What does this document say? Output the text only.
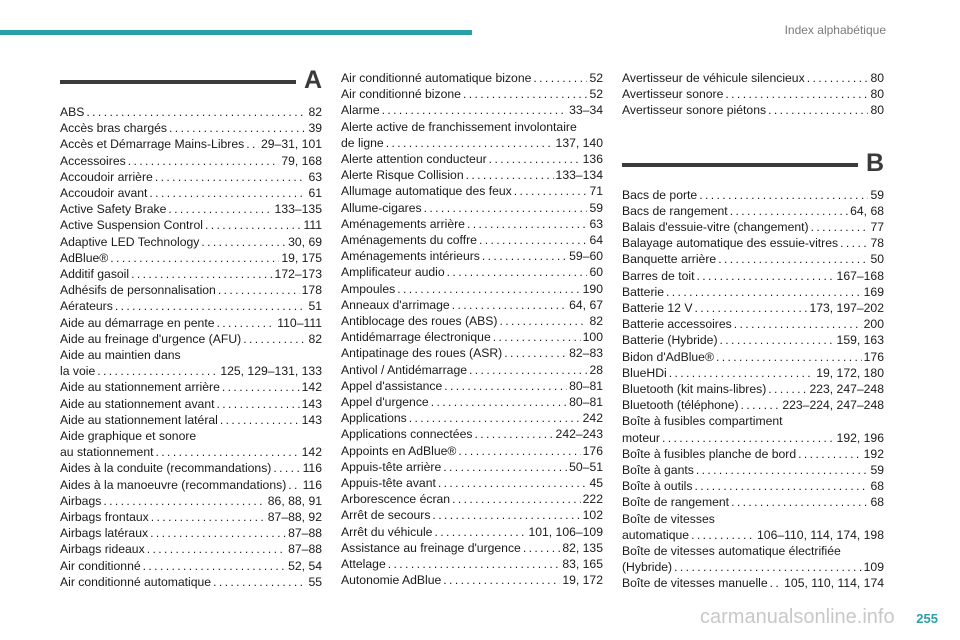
Index alphabétique
A
ABS . . .	82
Accès bras chargés . . .	39
Accès et Démarrage Mains-Libres . . . 29–31, 101
Accessoires . . .	79, 168
Accoudoir arrière . . .	63
Accoudoir avant . . .	61
Active Safety Brake . . .	133–135
Active Suspension Control . . .	111
Adaptive LED Technology . . .	30, 69
AdBlue® . . .	19, 175
Additif gasoil . . .	172–173
Adhésifs de personnalisation . . .	178
Aérateurs . . .	51
Aide au démarrage en pente . . .	110–111
Aide au freinage d'urgence (AFU) . . .	82
Aide au maintien dans
la voie . . .	125, 129–131, 133
Aide au stationnement arrière . . .	142
Aide au stationnement avant . . .	143
Aide au stationnement latéral . . .	143
Aide graphique et sonore
au stationnement . . .	142
Aides à la conduite (recommandations) . . .	116
Aides à la manoeuvre (recommandations) . . . 116
Airbags . . .	86, 88, 91
Airbags frontaux . . .	87–88, 92
Airbags latéraux . . .	87–88
Airbags rideaux . . .	87–88
Air conditionné . . .	52, 54
Air conditionné automatique . . .	55
Air conditionné automatique bizone . . .	52
Air conditionné bizone . . .	52
Alarme . . .	33–34
Alerte active de franchissement involontaire
de ligne . . .	137, 140
Alerte attention conducteur . . .	136
Alerte Risque Collision . . .	133–134
Allumage automatique des feux . . .	71
Allume-cigares . . .	59
Aménagements arrière . . .	63
Aménagements du coffre . . .	64
Aménagements intérieurs . . .	59–60
Amplificateur audio . . .	60
Ampoules . . .	190
Anneaux d'arrimage . . .	64, 67
Antiblocage des roues (ABS) . . .	82
Antidémarrage électronique . . .	100
Antipatinage des roues (ASR) . . .	82–83
Antivol / Antidémarrage . . .	28
Appel d'assistance . . .	80–81
Appel d'urgence . . .	80–81
Applications . . .	242
Applications connectées . . .	242–243
Appoints en AdBlue® . . .	176
Appuis-tête arrière . . .	50–51
Appuis-tête avant . . .	45
Arborescence écran . . .	222
Arrêt de secours . . .	102
Arrêt du véhicule . . .	101, 106–109
Assistance au freinage d'urgence . . .	82, 135
Attelage . . .	83, 165
Autonomie AdBlue . . .	19, 172
Avertisseur de véhicule silencieux . . .	80
Avertisseur sonore . . .	80
Avertisseur sonore piétons . . .	80
B
Bacs de porte . . .	59
Bacs de rangement . . .	64, 68
Balais d'essuie-vitre (changement) . . .	77
Balayage automatique des essuie-vitres . . .	78
Banquette arrière . . .	50
Barres de toit . . .	167–168
Batterie . . .	169
Batterie 12 V . . .	173, 197–202
Batterie accessoires . . .	200
Batterie (Hybride) . . .	159, 163
Bidon d'AdBlue® . . .	176
BlueHDi . . .	19, 172, 180
Bluetooth (kit mains-libres) . . .	223, 247–248
Bluetooth (téléphone) . . .	223–224, 247–248
Boîte à fusibles compartiment
moteur . . .	192, 196
Boîte à fusibles planche de bord . . .	192
Boîte à gants . . .	59
Boîte à outils . . .	68
Boîte de rangement . . .	68
Boîte de vitesses
automatique . . .	106–110, 114, 174, 198
Boîte de vitesses automatique électrifiée
(Hybride) . . .	109
Boîte de vitesses manuelle . . . 105, 110, 114, 174
carmanualsonline.info 255
